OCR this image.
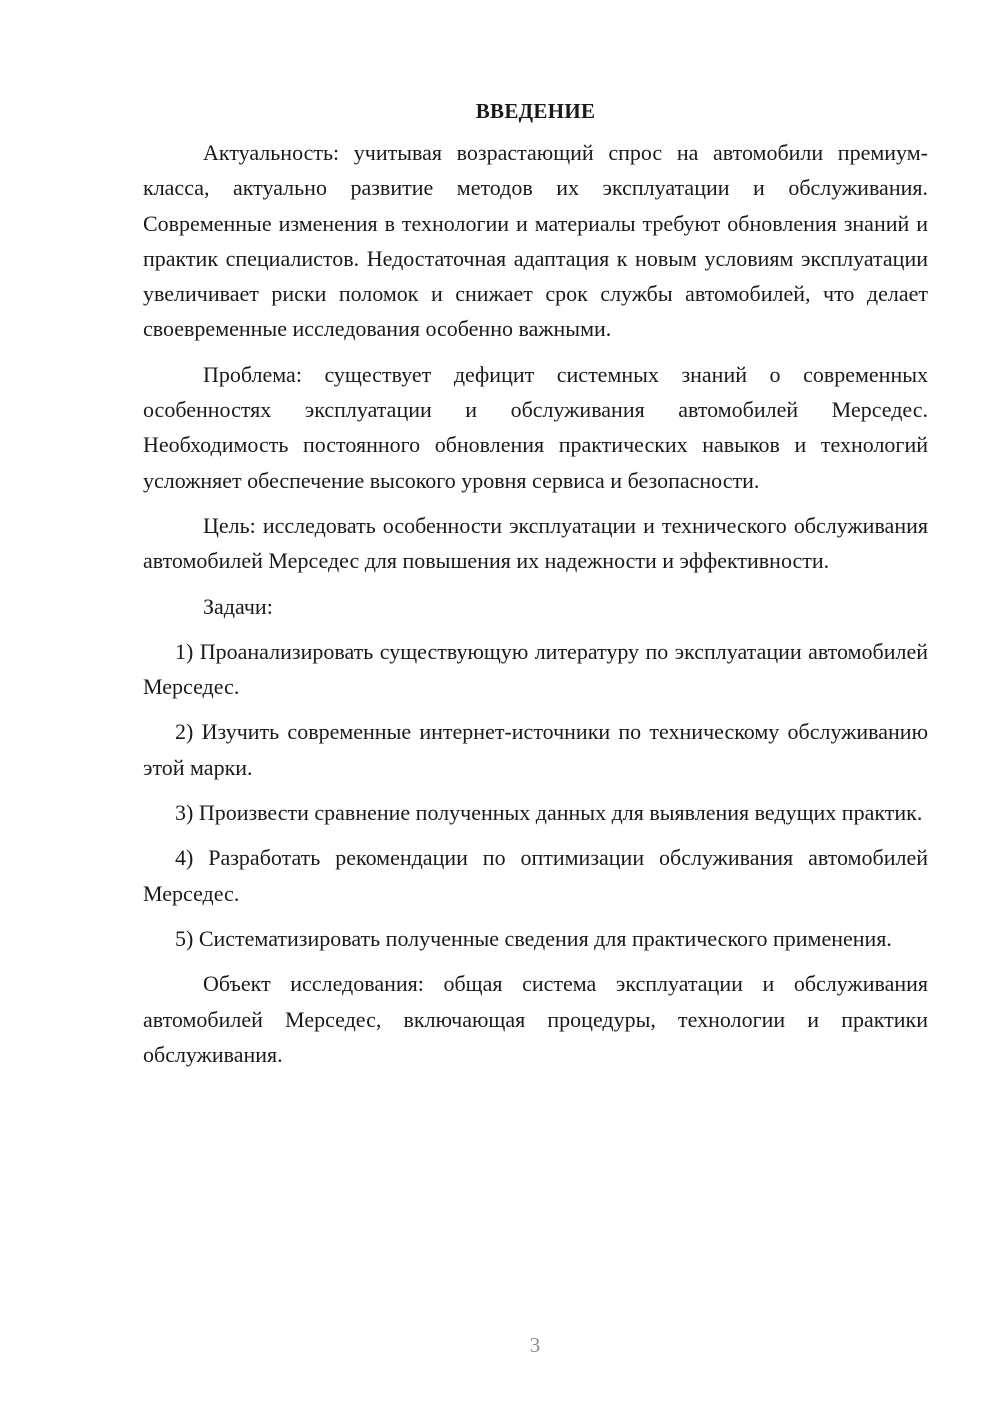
ВВЕДЕНИЕ

Актуальность: учитывая возрастающий спрос на автомобили премиум-класса, актуально развитие методов их эксплуатации и обслуживания. Современные изменения в технологии и материалы требуют обновления знаний и практик специалистов. Недостаточная адаптация к новым условиям эксплуатации увеличивает риски поломок и снижает срок службы автомобилей, что делает своевременные исследования особенно важными.

Проблема: существует дефицит системных знаний о современных особенностях эксплуатации и обслуживания автомобилей Мерседес. Необходимость постоянного обновления практических навыков и технологий усложняет обеспечение высокого уровня сервиса и безопасности.

Цель: исследовать особенности эксплуатации и технического обслуживания автомобилей Мерседес для повышения их надежности и эффективности.

Задачи:

1) Проанализировать существующую литературу по эксплуатации автомобилей Мерседес.

2) Изучить современные интернет-источники по техническому обслуживанию этой марки.

3) Произвести сравнение полученных данных для выявления ведущих практик.

4) Разработать рекомендации по оптимизации обслуживания автомобилей Мерседес.

5) Систематизировать полученные сведения для практического применения.

Объект исследования: общая система эксплуатации и обслуживания автомобилей Мерседес, включающая процедуры, технологии и практики обслуживания.

3
